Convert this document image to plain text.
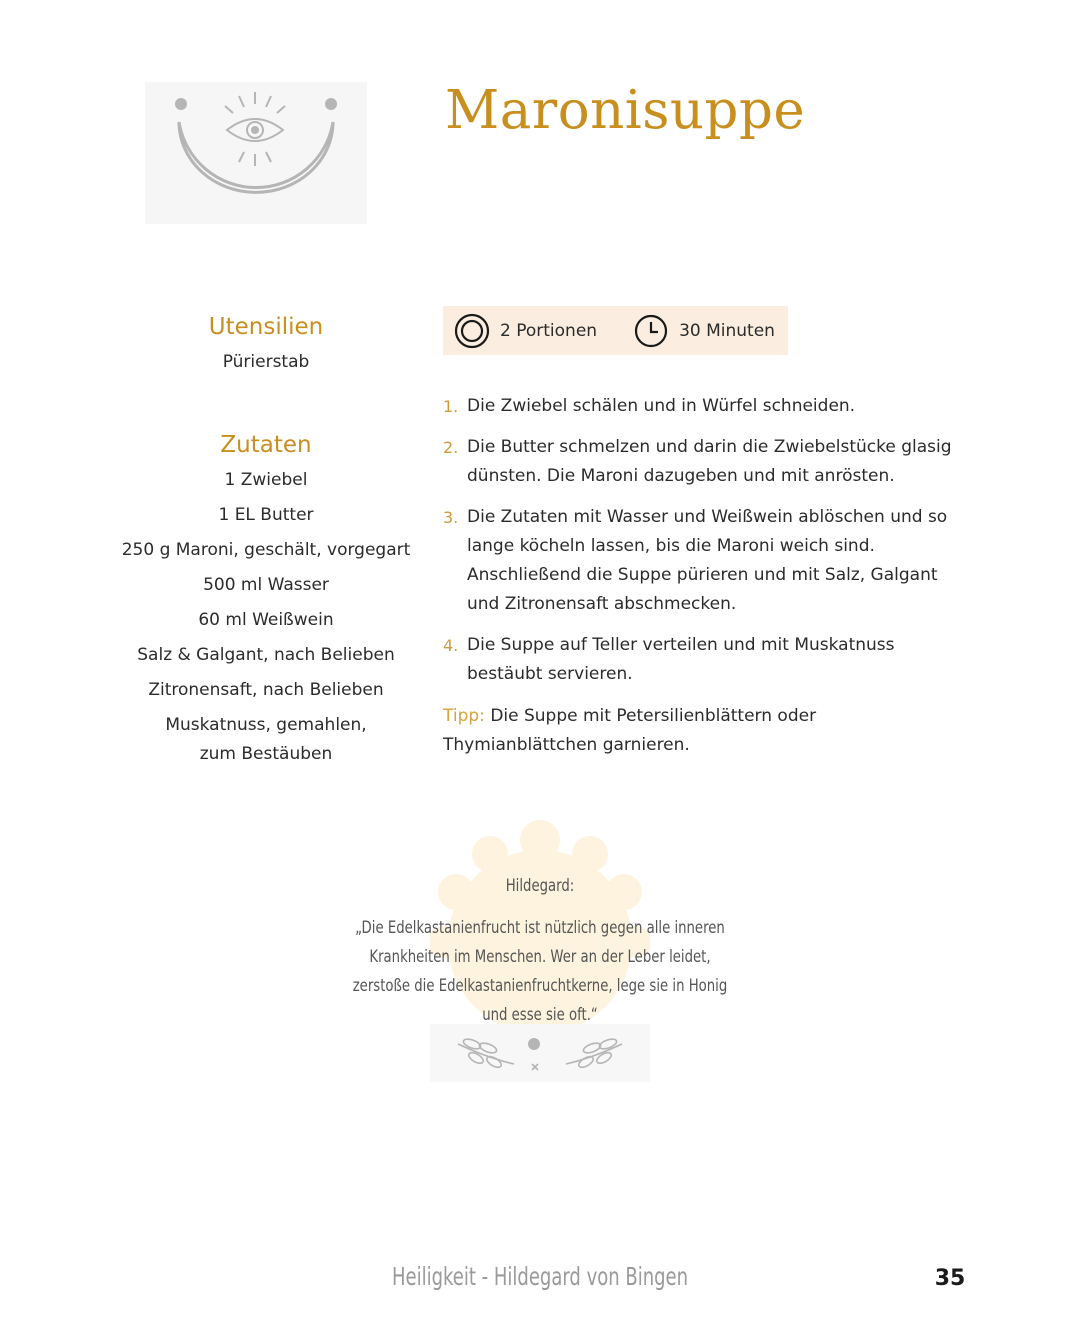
Maronisuppe
Utensilien
Pürierstab
Zutaten
1 Zwiebel
1 EL Butter
250 g Maroni, geschält, vorgegart
500 ml Wasser
60 ml Weißwein
Salz & Galgant, nach Belieben
Zitronensaft, nach Belieben
Muskatnuss, gemahlen,
zum Bestäuben
2 Portionen	30 Minuten
1. Die Zwiebel schälen und in Würfel schneiden.
2. Die Butter schmelzen und darin die Zwiebelstücke glasig dünsten. Die Maroni dazugeben und mit anrösten.
3. Die Zutaten mit Wasser und Weißwein ablöschen und so lange köcheln lassen, bis die Maroni weich sind. Anschließend die Suppe pürieren und mit Salz, Galgant und Zitronensaft abschmecken.
4. Die Suppe auf Teller verteilen und mit Muskatnuss bestäubt servieren.
Tipp: Die Suppe mit Petersilienblättern oder Thymianblättchen garnieren.
Hildegard:
„Die Edelkastanienfrucht ist nützlich gegen alle inneren Krankheiten im Menschen. Wer an der Leber leidet, zerstoße die Edelkastanienfruchtkerne, lege sie in Honig und esse sie oft.“
Heiligkeit - Hildegard von Bingen	35
